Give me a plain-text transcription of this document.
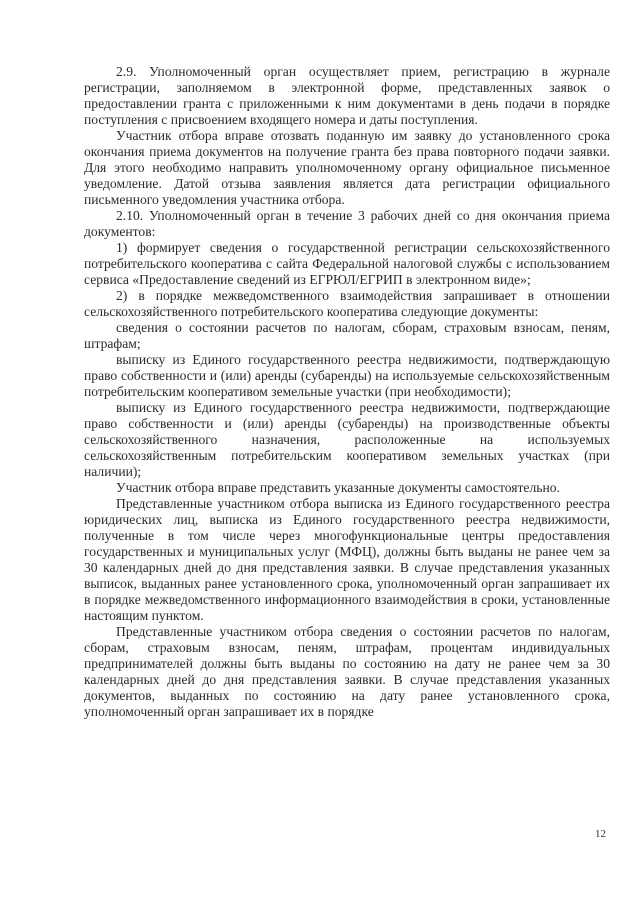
2.9. Уполномоченный орган осуществляет прием, регистрацию в журнале регистрации, заполняемом в электронной форме, представленных заявок о предоставлении гранта с приложенными к ним документами в день подачи в порядке поступления с присвоением входящего номера и даты поступления.

Участник отбора вправе отозвать поданную им заявку до установленного срока окончания приема документов на получение гранта без права повторного подачи заявки. Для этого необходимо направить уполномоченному органу официальное письменное уведомление. Датой отзыва заявления является дата регистрации официального письменного уведомления участника отбора.

2.10. Уполномоченный орган в течение 3 рабочих дней со дня окончания приема документов:

1) формирует сведения о государственной регистрации сельскохозяйственного потребительского кооператива с сайта Федеральной налоговой службы с использованием сервиса «Предоставление сведений из ЕГРЮЛ/ЕГРИП в электронном виде»;

2) в порядке межведомственного взаимодействия запрашивает в отношении сельскохозяйственного потребительского кооператива следующие документы:

сведения о состоянии расчетов по налогам, сборам, страховым взносам, пеням, штрафам;

выписку из Единого государственного реестра недвижимости, подтверждающую право собственности и (или) аренды (субаренды) на используемые сельскохозяйственным потребительским кооперативом земельные участки (при необходимости);

выписку из Единого государственного реестра недвижимости, подтверждающие право собственности и (или) аренды (субаренды) на производственные объекты сельскохозяйственного назначения, расположенные на используемых сельскохозяйственным потребительским кооперативом земельных участках (при наличии);

Участник отбора вправе представить указанные документы самостоятельно.

Представленные участником отбора выписка из Единого государственного реестра юридических лиц, выписка из Единого государственного реестра недвижимости, полученные в том числе через многофункциональные центры предоставления государственных и муниципальных услуг (МФЦ), должны быть выданы не ранее чем за 30 календарных дней до дня представления заявки. В случае представления указанных выписок, выданных ранее установленного срока, уполномоченный орган запрашивает их в порядке межведомственного информационного взаимодействия в сроки, установленные настоящим пунктом.

Представленные участником отбора сведения о состоянии расчетов по налогам, сборам, страховым взносам, пеням, штрафам, процентам индивидуальных предпринимателей должны быть выданы по состоянию на дату не ранее чем за 30 календарных дней до дня представления заявки. В случае представления указанных документов, выданных по состоянию на дату ранее установленного срока, уполномоченный орган запрашивает их в порядке

12
